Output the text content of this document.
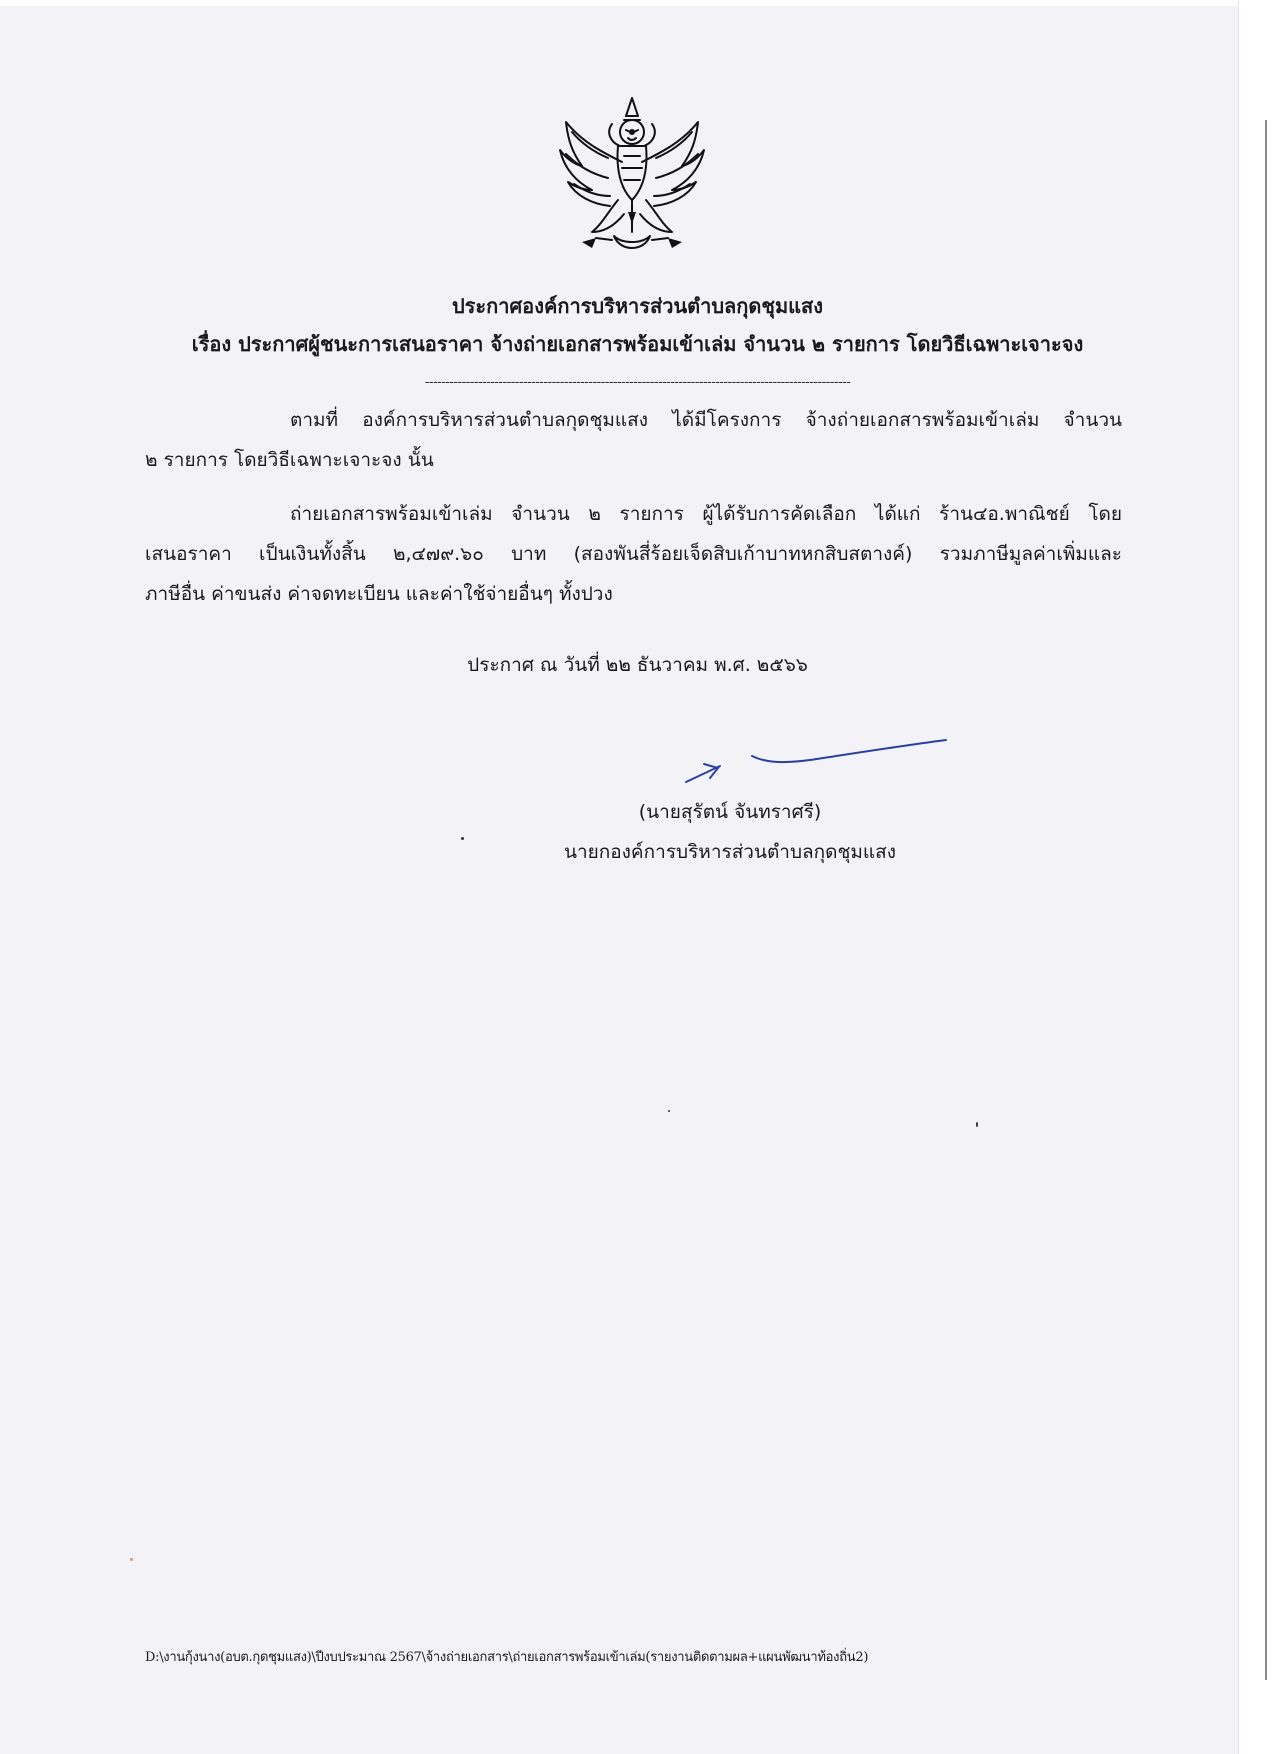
ประกาศองค์การบริหารส่วนตำบลกุดชุมแสง
เรื่อง ประกาศผู้ชนะการเสนอราคา จ้างถ่ายเอกสารพร้อมเข้าเล่ม จำนวน ๒ รายการ โดยวิธีเฉพาะเจาะจง
--------------------------------------------------------------------------------------------------------
ตามที่ องค์การบริหารส่วนตำบลกุดชุมแสง ได้มีโครงการ จ้างถ่ายเอกสารพร้อมเข้าเล่ม จำนวน
๒ รายการ โดยวิธีเฉพาะเจาะจง นั้น
ถ่ายเอกสารพร้อมเข้าเล่ม จำนวน ๒ รายการ ผู้ได้รับการคัดเลือก ได้แก่ ร้าน๔อ.พาณิชย์ โดย
เสนอราคา เป็นเงินทั้งสิ้น ๒,๔๗๙.๖๐ บาท (สองพันสี่ร้อยเจ็ดสิบเก้าบาทหกสิบสตางค์) รวมภาษีมูลค่าเพิ่มและ
ภาษีอื่น ค่าขนส่ง ค่าจดทะเบียน และค่าใช้จ่ายอื่นๆ ทั้งปวง
ประกาศ ณ วันที่ ๒๒ ธันวาคม พ.ศ. ๒๕๖๖
(นายสุรัตน์ จันทราศรี)
นายกองค์การบริหารส่วนตำบลกุดชุมแสง
D:\งานกุ้งนาง(อบต.กุดชุมแสง)\ปีงบประมาณ 2567\จ้างถ่ายเอกสาร\ถ่ายเอกสารพร้อมเข้าเล่ม(รายงานติดตามผล+แผนพัฒนาท้องถิ่น2)
